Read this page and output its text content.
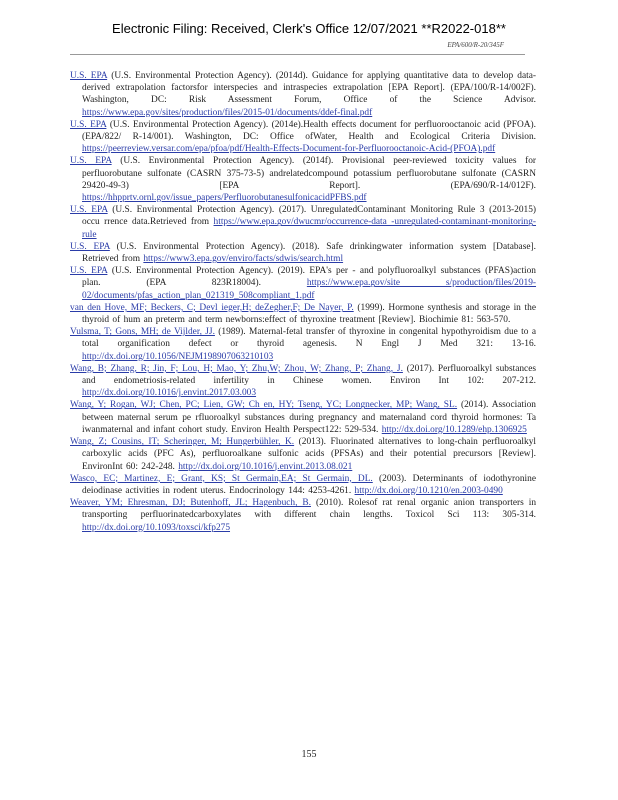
Electronic Filing: Received, Clerk's Office 12/07/2021 **R2022-018**
EPA/600/R-20/345F

U.S. EPA (U.S. Environmental Protection Agency). (2014d). Guidance for applying quantitative data to develop data-derived extrapolation factorsfor interspecies and intraspecies extrapolation [EPA Report]. (EPA/100/R-14/002F). Washington, DC: Risk Assessment Forum, Office of the Science Advisor. https://www.epa.gov/sites/production/files/2015-01/documents/ddef-final.pdf

U.S. EPA (U.S. Environmental Protection Agency). (2014e).Health effects document for perfluorooctanoic acid (PFOA).(EPA/822/ R-14/001). Washington, DC: Office ofWater, Health and Ecological Criteria Division. https://peerreview.versar.com/epa/pfoa/pdf/Health-Effects-Document-for-Perfluorooctanoic-Acid-(PFOA).pdf

U.S. EPA (U.S. Environmental Protection Agency). (2014f). Provisional peer-reviewed toxicity values for perfluorobutane sulfonate (CASRN 375-73-5) andrelatedcompound potassium perfluorobutane sulfonate (CASRN 29420-49-3) [EPA Report]. (EPA/690/R-14/012F). https://hhpprtv.ornl.gov/issue_papers/PerfluorobutanesulfonicacidPFBS.pdf

U.S. EPA (U.S. Environmental Protection Agency). (2017). UnregulatedContaminant Monitoring Rule 3 (2013-2015) occu rrence data.Retrieved from https://www.epa.gov/dwucmr/occurrence-data -unregulated-contaminant-monitoring-rule

U.S. EPA (U.S. Environmental Protection Agency). (2018). Safe drinkingwater information system [Database]. Retrieved from https://www3.epa.gov/enviro/facts/sdwis/search.html

U.S. EPA (U.S. Environmental Protection Agency). (2019). EPA's per - and polyfluoroalkyl substances (PFAS)action plan. (EPA 823R18004).	https://www.epa.gov/site s/production/files/2019-02/documents/pfas_action_plan_021319_508compliant_1.pdf

van den Hove, MF; Beckers, C; Devl ieger,H; deZegher,F; De Nayer, P. (1999). Hormone synthesis and storage in the thyroid of hum an preterm and term newborns:effect of thyroxine treatment [Review]. Biochimie 81: 563-570.

Vulsma, T; Gons, MH; de Vijlder, JJ. (1989). Maternal-fetal transfer of thyroxine in congenital hypothyroidism due to a total organification defect or thyroid agenesis. N Engl J Med 321: 13-16. http://dx.doi.org/10.1056/NEJM198907063210103

Wang, B; Zhang, R; Jin, F; Lou, H; Mao, Y; Zhu,W; Zhou, W; Zhang, P; Zhang, J. (2017). Perfluoroalkyl substances and endometriosis-related infertility in Chinese women. Environ Int 102: 207-212. http://dx.doi.org/10.1016/j.envint.2017.03.003

Wang, Y; Rogan, WJ; Chen, PC; Lien, GW; Ch en, HY; Tseng, YC; Longnecker, MP; Wang, SL. (2014). Association between maternal serum pe rfluoroalkyl substances during pregnancy and maternaland cord thyroid hormones: Ta iwanmaternal and infant cohort study. Environ Health Perspect122: 529-534. http://dx.doi.org/10.1289/ehp.1306925

Wang, Z; Cousins, IT; Scheringer, M; Hungerbühler, K. (2013). Fluorinated alternatives to long-chain perfluoroalkyl carboxylic acids (PFC As), perfluoroalkane sulfonic acids (PFSAs) and their potential precursors [Review]. EnvironInt 60: 242-248. http://dx.doi.org/10.1016/j.envint.2013.08.021

Wasco, EC; Martinez, E; Grant, KS; St Germain,EA; St Germain, DL. (2003). Determinants of iodothyronine deiodinase activities in rodent uterus. Endocrinology 144: 4253-4261. http://dx.doi.org/10.1210/en.2003-0490

Weaver, YM; Ehresman, DJ; Butenhoff, JL; Hagenbuch, B. (2010). Rolesof rat renal organic anion transporters in transporting perfluorinatedcarboxylates with different chain lengths. Toxicol Sci 113: 305-314. http://dx.doi.org/10.1093/toxsci/kfp275

155
